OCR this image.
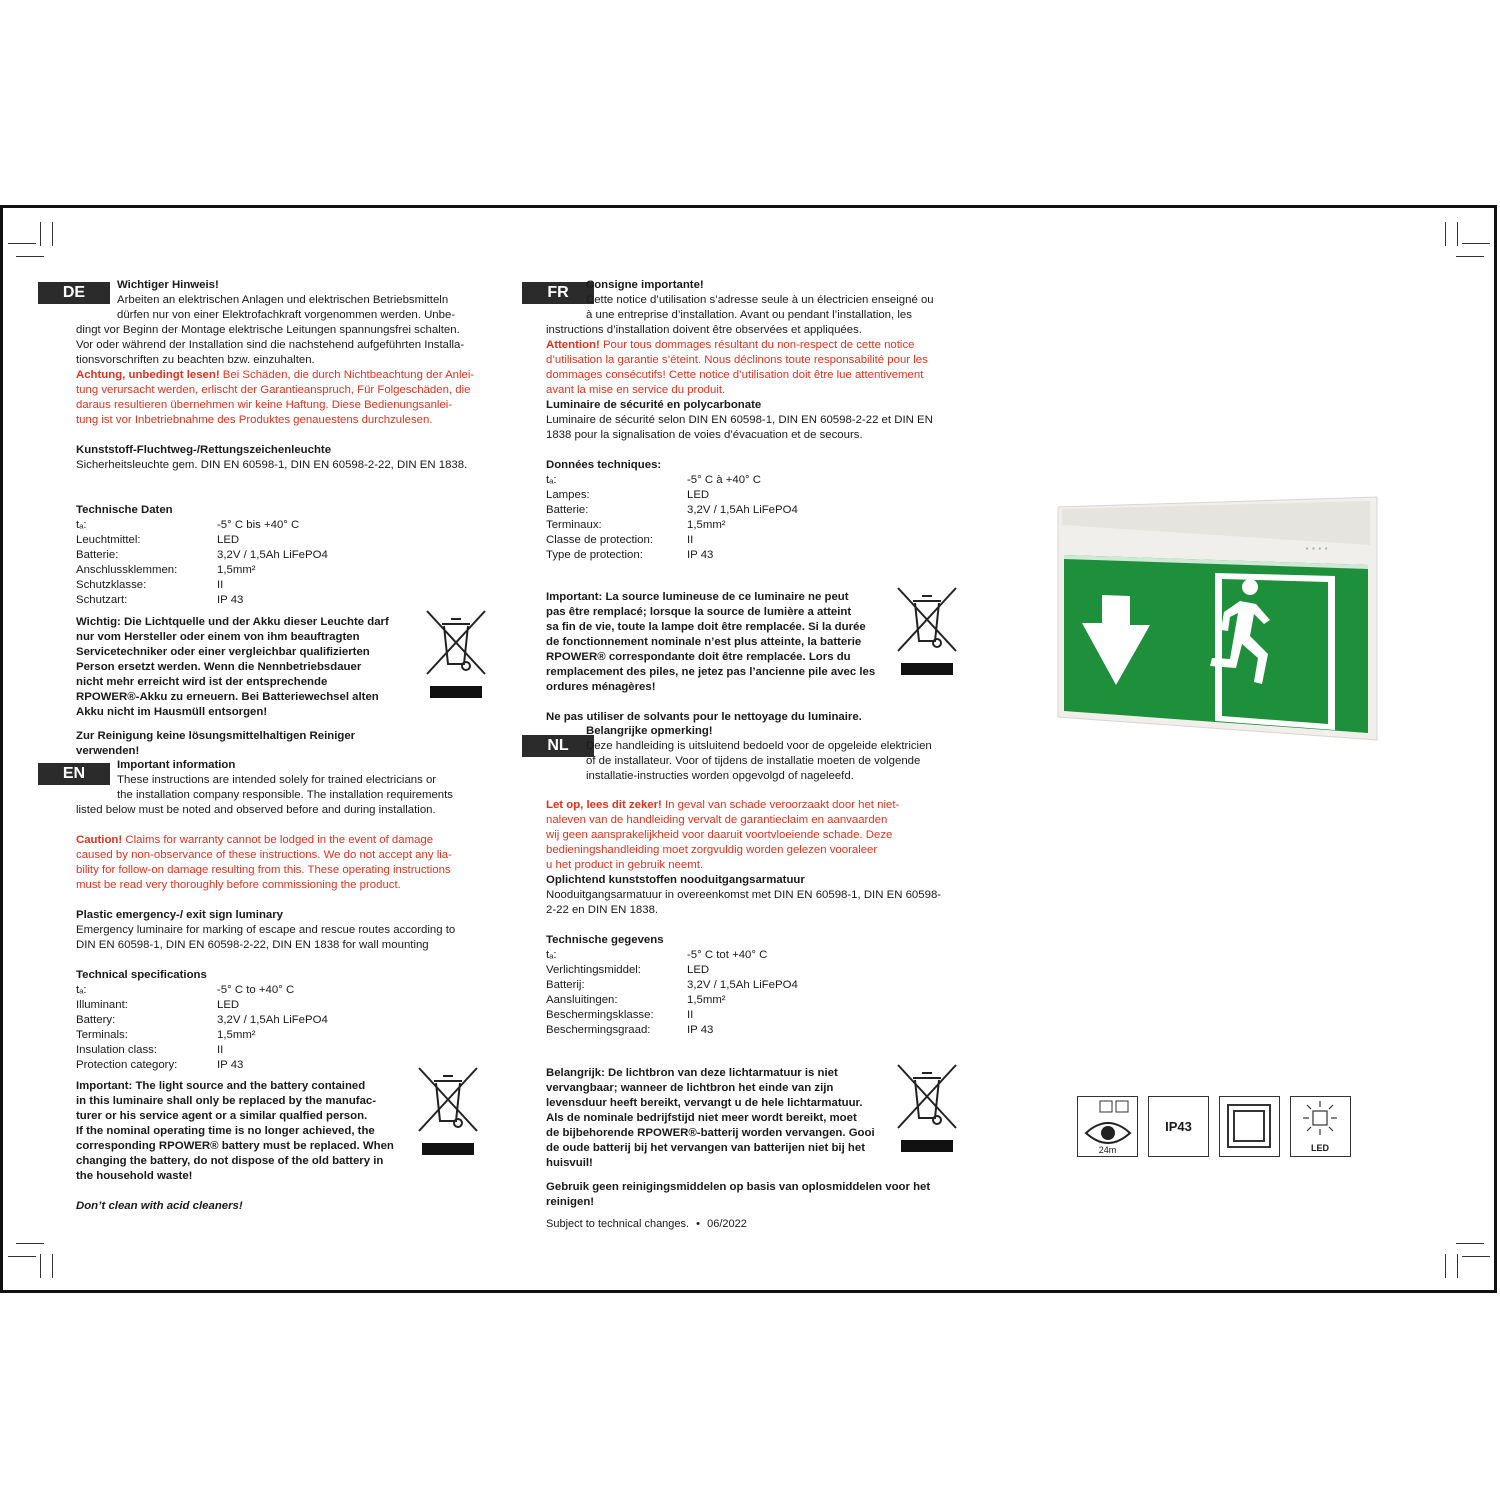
DE
EN
FR
NL

Wichtiger Hinweis!

Arbeiten an elektrischen Anlagen und elektrischen Betriebsmitteln

dürfen nur von einer Elektrofachkraft vorgenommen werden. Unbe-

dingt vor Beginn der Montage elektrische Leitungen spannungsfrei schalten.

Vor oder während der Installation sind die nachstehend aufgeführten Installa-

tionsvorschriften zu beachten bzw. einzuhalten.

Achtung, unbedingt lesen! Bei Schäden, die durch Nichtbeachtung der Anlei-

tung verursacht werden, erlischt der Garantieanspruch, Für Folgeschäden, die

daraus resultieren übernehmen wir keine Haftung. Diese Bedienungsanlei-

tung ist vor Inbetriebnahme des Produktes genauestens durchzulesen.

Kunststoff-Fluchtweg-/Rettungszeichenleuchte

Sicherheitsleuchte gem. DIN EN 60598-1, DIN EN 60598-2-22, DIN EN 1838.

Technische Daten

tₐ:	-5° C bis +40° C
Leuchtmittel:	LED
Batterie:	3,2V / 1,5Ah LiFePO4
Anschlussklemmen:	1,5mm²
Schutzklasse:	II
Schutzart:	IP 43

Wichtig: Die Lichtquelle und der Akku dieser Leuchte darf

nur vom Hersteller oder einem von ihm beauftragten

Servicetechniker oder einer vergleichbar qualifizierten

Person ersetzt werden. Wenn die Nennbetriebsdauer

nicht mehr erreicht wird ist der entsprechende

RPOWER®-Akku zu erneuern. Bei Batteriewechsel alten

Akku nicht im Hausmüll entsorgen!

Zur Reinigung keine lösungsmittelhaltigen Reiniger verwenden!

Important information

These instructions are intended solely for trained electricians or

the installation company responsible. The installation requirements

listed below must be noted and observed before and during installation.

Caution! Claims for warranty cannot be lodged in the event of damage

caused by non-observance of these instructions. We do not accept any lia-

bility for follow-on damage resulting from this. These operating instructions

must be read very thoroughly before commissioning the product.

Plastic emergency-/ exit sign luminary

Emergency luminaire for marking of escape and rescue routes according to

DIN EN 60598-1, DIN EN 60598-2-22, DIN EN 1838 for wall mounting

Technical specifications

tₐ:	-5° C to +40° C
Illuminant:	LED
Battery:	3,2V / 1,5Ah LiFePO4
Terminals:	1,5mm²
Insulation class:	II
Protection category:	IP 43

Important: The light source and the battery contained

in this luminaire shall only be replaced by the manufac-

turer or his service agent or a similar qualfied person.

If the nominal operating time is no longer achieved, the

corresponding RPOWER® battery must be replaced. When

changing the battery, do not dispose of the old battery in

the household waste!

Don’t clean with acid cleaners!

Consigne importante!

Cette notice d’utilisation s’adresse seule à un électricien enseigné ou

à une entreprise d’installation. Avant ou pendant l’installation, les

instructions d’installation doivent être observées et appliquées.

Attention! Pour tous dommages résultant du non-respect de cette notice

d’utilisation la garantie s’éteint. Nous déclinons toute responsabilité pour les

dommages consécutifs! Cette notice d’utilisation doit être lue attentivement

avant la mise en service du produit.

Luminaire de sécurité en polycarbonate

Luminaire de sécurité selon DIN EN 60598-1, DIN EN 60598-2-22 et DIN EN

1838 pour la signalisation de voies d’évacuation et de secours.

Données techniques:

tₐ:	-5° C à +40° C
Lampes:	LED
Batterie:	3,2V / 1,5Ah LiFePO4
Terminaux:	1,5mm²
Classe de protection:	II
Type de protection:	IP 43

Important: La source lumineuse de ce luminaire ne peut

pas être remplacé; lorsque la source de lumière a atteint

sa fin de vie, toute la lampe doit être remplacée. Si la durée

de fonctionnement nominale n’est plus atteinte, la batterie

RPOWER® correspondante doit être remplacée. Lors du

remplacement des piles, ne jetez pas l’ancienne pile avec les

ordures ménagères!

Ne pas utiliser de solvants pour le nettoyage du luminaire.

Belangrijke opmerking!

Deze handleiding is uitsluitend bedoeld voor de opgeleide elektricien

of de installateur. Voor of tijdens de installatie moeten de volgende

installatie-instructies worden opgevolgd of nageleefd.

Let op, lees dit zeker! In geval van schade veroorzaakt door het niet-

naleven van de handleiding vervalt de garantieclaim en aanvaarden

wij geen aansprakelijkheid voor daaruit voortvloeiende schade. Deze

bedieningshandleiding moet zorgvuldig worden gelezen vooraleer

u het product in gebruik neemt.

Oplichtend kunststoffen nooduitgangsarmatuur

Nooduitgangsarmatuur in overeenkomst met DIN EN 60598-1, DIN EN 60598-

2-22 en DIN EN 1838.

Technische gegevens

tₐ:	-5° C tot +40° C
Verlichtingsmiddel:	LED
Batterij:	3,2V / 1,5Ah LiFePO4
Aansluitingen:	1,5mm²
Beschermingsklasse:	II
Beschermingsgraad:	IP 43

Belangrijk: De lichtbron van deze lichtarmatuur is niet

vervangbaar; wanneer de lichtbron het einde van zijn

levensduur heeft bereikt, vervangt u de hele lichtarmatuur.

Als de nominale bedrijfstijd niet meer wordt bereikt, moet

de bijbehorende RPOWER®-batterij worden vervangen. Gooi

de oude batterij bij het vervangen van batterijen niet bij het

huisvuil!

Gebruik geen reinigingsmiddelen op basis van oplosmiddelen voor het

reinigen!

Subject to technical changes. • 06/2022
• • • •
24m
IP43
LED
